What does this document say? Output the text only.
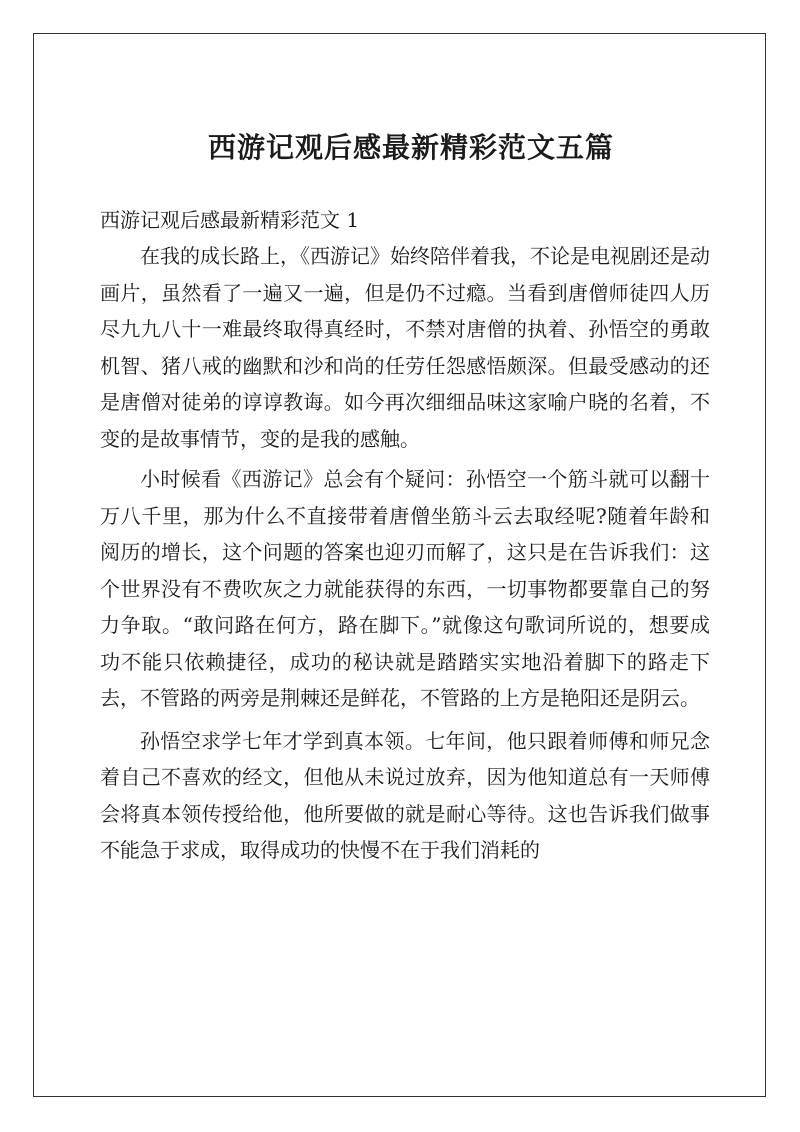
西游记观后感最新精彩范文五篇

西游记观后感最新精彩范文 1

在我的成长路上，《西游记》始终陪伴着我，不论是电视剧还是动画片，虽然看了一遍又一遍，但是仍不过瘾。当看到唐僧师徒四人历尽九九八十一难最终取得真经时，不禁对唐僧的执着、孙悟空的勇敢机智、猪八戒的幽默和沙和尚的任劳任怨感悟颇深。但最受感动的还是唐僧对徒弟的谆谆教诲。如今再次细细品味这家喻户晓的名着，不变的是故事情节，变的是我的感触。

小时候看《西游记》总会有个疑问：孙悟空一个筋斗就可以翻十万八千里，那为什么不直接带着唐僧坐筋斗云去取经呢?随着年龄和阅历的增长，这个问题的答案也迎刃而解了，这只是在告诉我们：这个世界没有不费吹灰之力就能获得的东西，一切事物都要靠自己的努力争取。“敢问路在何方，路在脚下。”就像这句歌词所说的，想要成功不能只依赖捷径，成功的秘诀就是踏踏实实地沿着脚下的路走下去，不管路的两旁是荆棘还是鲜花，不管路的上方是艳阳还是阴云。

孙悟空求学七年才学到真本领。七年间，他只跟着师傅和师兄念着自己不喜欢的经文，但他从未说过放弃，因为他知道总有一天师傅会将真本领传授给他，他所要做的就是耐心等待。这也告诉我们做事不能急于求成，取得成功的快慢不在于我们消耗的
